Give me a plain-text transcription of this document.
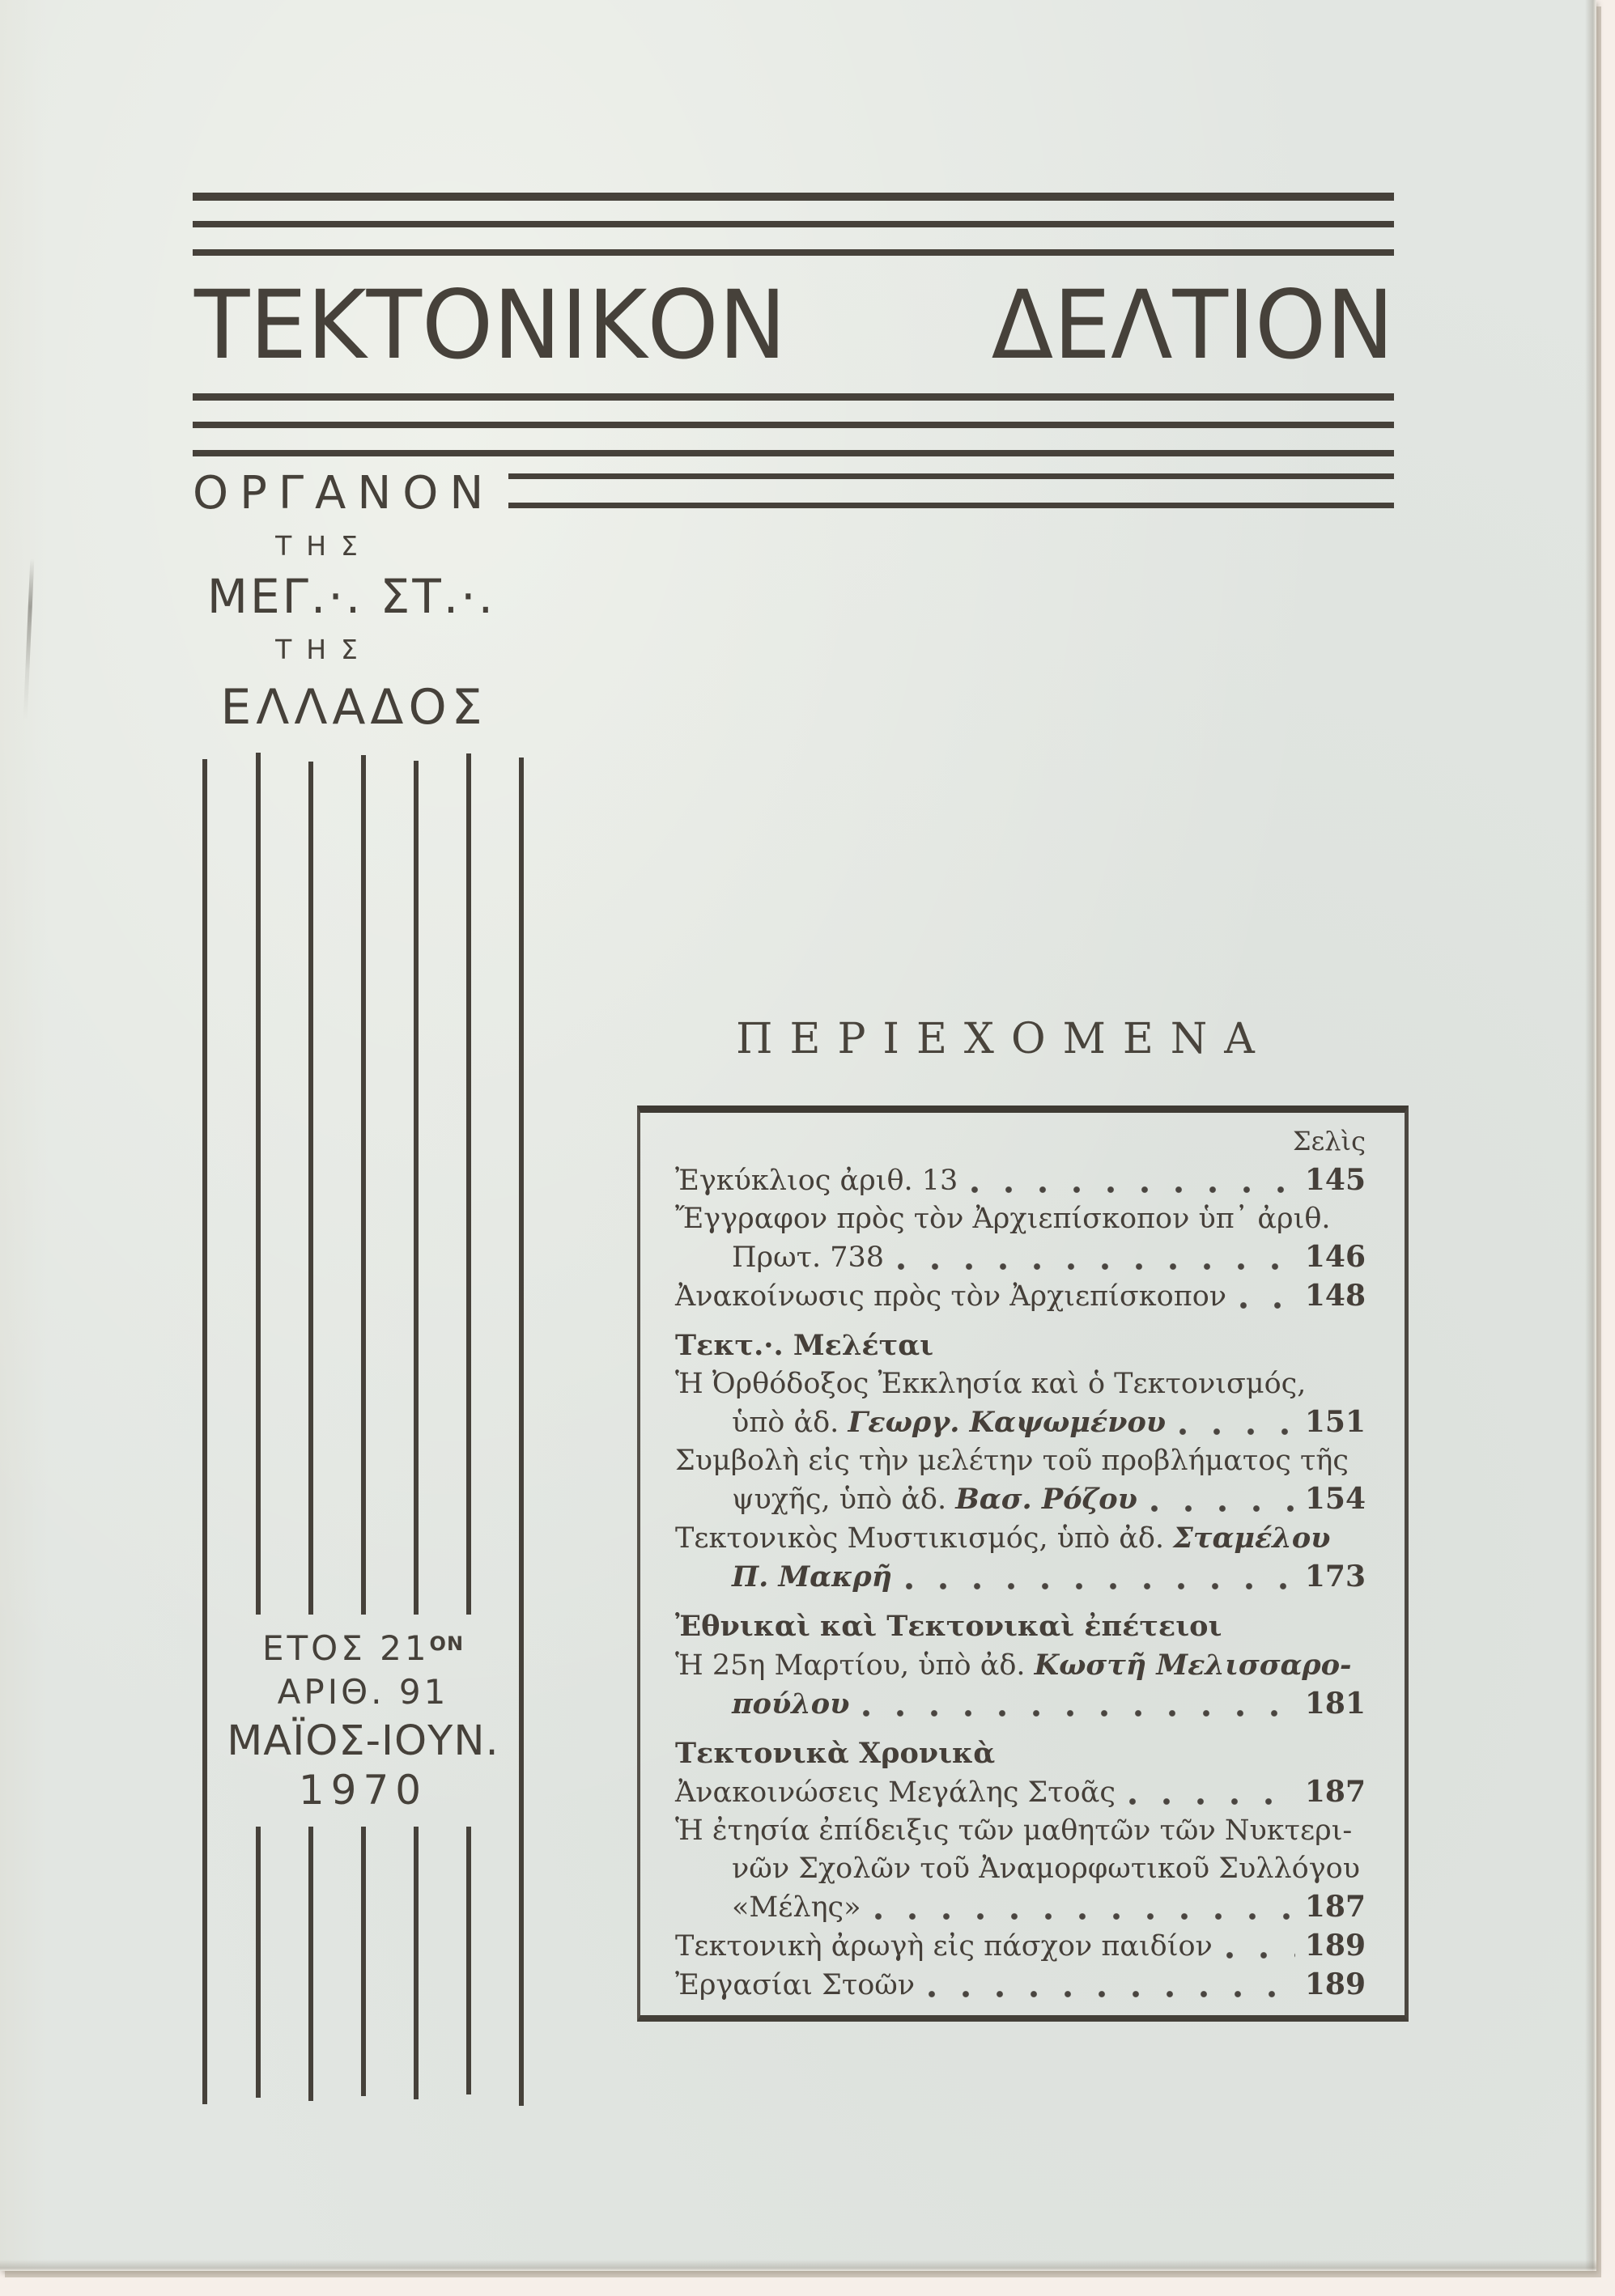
ΤΕΚΤΟΝΙΚΟΝ ΔΕΛΤΙΟΝ
ΟΡΓΑΝΟΝ
ΤΗΣ
ΜΕΓ.·. ΣΤ.·.
ΤΗΣ
ΕΛΛΑΔΟΣ
ΕΤΟΣ $21^{ON}$
ΑΡΙΘ. 91
ΜΑΪΟΣ-ΙΟΥΝ.
1970
ΠΕΡΙΕΧΟΜΕΝΑ
Σελὶς
Ἐγκύκλιος ἀριθ. 13	145
Ἔγγραφον πρὸς τὸν Ἀρχιεπίσκοπον ὑπ᾽ ἀριθ.
Πρωτ. 738	146
Ἀνακοίνωσις πρὸς τὸν Ἀρχιεπίσκοπον	148
Τεκτ.·. Μελέται
Ἡ Ὀρθόδοξος Ἐκκλησία καὶ ὁ Τεκτονισμός,
ὑπὸ ἀδ. Γεωργ. Καψωμένου	151
Συμβολὴ εἰς τὴν μελέτην τοῦ προβλήματος τῆς
ψυχῆς, ὑπὸ ἀδ. Βασ. Ρόζου	154
Τεκτονικὸς Μυστικισμός, ὑπὸ ἀδ. Σταμέλου
Π. Μακρῆ	173
Ἐθνικαὶ καὶ Τεκτονικαὶ ἐπέτειοι
Ἡ 25η Μαρτίου, ὑπὸ ἀδ. Κωστῆ Μελισσαρο-
πούλου	181
Τεκτονικὰ Χρονικὰ
Ἀνακοινώσεις Μεγάλης Στοᾶς	187
Ἡ ἐτησία ἐπίδειξις τῶν μαθητῶν τῶν Νυκτερι-
νῶν Σχολῶν τοῦ Ἀναμορφωτικοῦ Συλλόγου
«Μέλης»	187
Τεκτονικὴ ἀρωγὴ εἰς πάσχον παιδίον	189
Ἐργασίαι Στοῶν	189
